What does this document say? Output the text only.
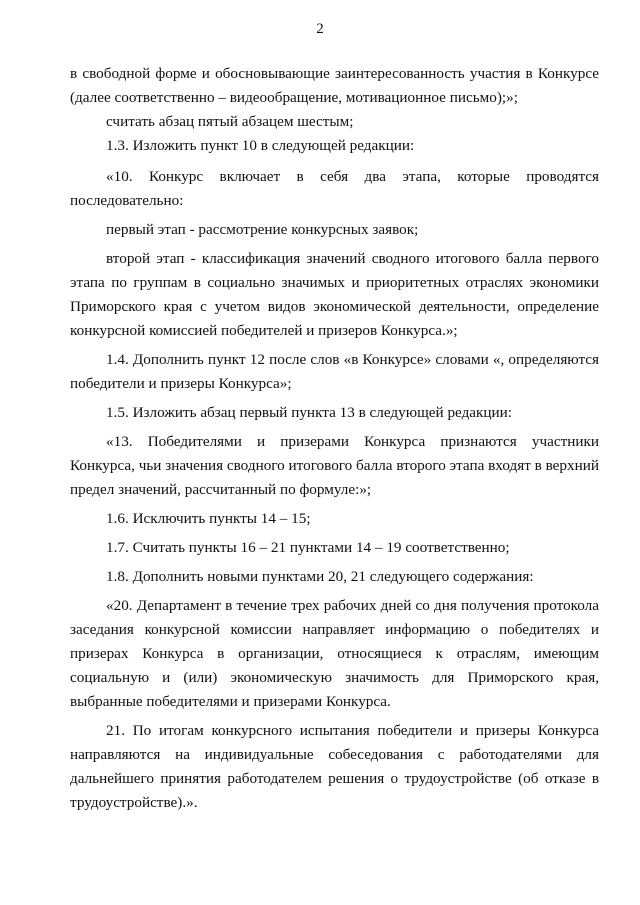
2

в свободной форме и обосновывающие заинтересованность участия в Конкурсе (далее соответственно – видеообращение, мотивационное письмо);»;

считать абзац пятый абзацем шестым;

1.3. Изложить пункт 10 в следующей редакции:

«10. Конкурс включает в себя два этапа, которые проводятся последовательно:

первый этап - рассмотрение конкурсных заявок;

второй этап - классификация значений сводного итогового балла первого этапа по группам в социально значимых и приоритетных отраслях экономики Приморского края с учетом видов экономической деятельности, определение конкурсной комиссией победителей и призеров Конкурса.»;

1.4. Дополнить пункт 12 после слов «в Конкурсе» словами «, определяются победители и призеры Конкурса»;

1.5. Изложить абзац первый пункта 13 в следующей редакции:

«13. Победителями и призерами Конкурса признаются участники Конкурса, чьи значения сводного итогового балла второго этапа входят в верхний предел значений, рассчитанный по формуле:»;

1.6. Исключить пункты 14 – 15;

1.7. Считать пункты 16 – 21 пунктами 14 – 19 соответственно;

1.8. Дополнить новыми пунктами 20, 21 следующего содержания:

«20. Департамент в течение трех рабочих дней со дня получения протокола заседания конкурсной комиссии направляет информацию о победителях и призерах Конкурса в организации, относящиеся к отраслям, имеющим социальную и (или) экономическую значимость для Приморского края, выбранные победителями и призерами Конкурса.

21. По итогам конкурсного испытания победители и призеры Конкурса направляются на индивидуальные собеседования с работодателями для дальнейшего принятия работодателем решения о трудоустройстве (об отказе в трудоустройстве).».
